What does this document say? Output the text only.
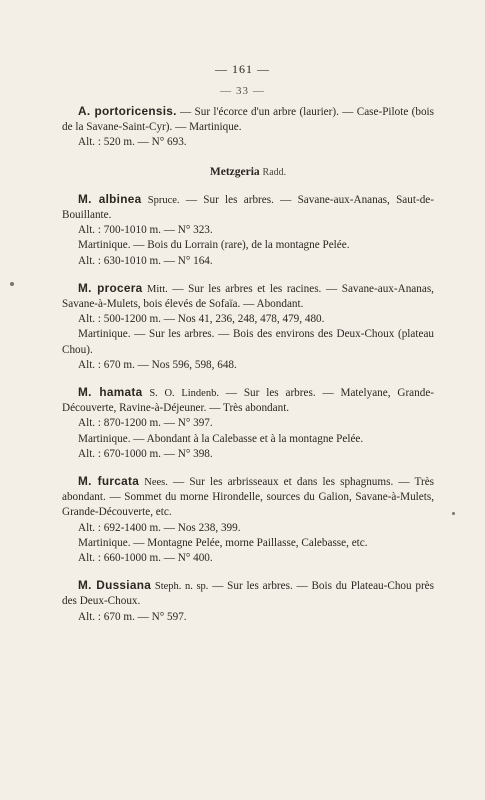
— 161 —
— 33 —

A. portoricensis. — Sur l'écorce d'un arbre (laurier). — Case-Pilote (bois de la Savane-Saint-Cyr). — Martinique.

Alt. : 520 m. — N° 693.

Metzgeria Radd.

M. albinea Spruce. — Sur les arbres. — Savane-aux-Ananas, Saut-de-Bouillante.

Alt. : 700-1010 m. — N° 323.

Martinique. — Bois du Lorrain (rare), de la montagne Pelée.

Alt. : 630-1010 m. — N° 164.

M. procera Mitt. — Sur les arbres et les racines. — Savane-aux-Ananas, Savane-à-Mulets, bois élevés de Sofaïa. — Abondant.

Alt. : 500-1200 m. — Nos 41, 236, 248, 478, 479, 480.

Martinique. — Sur les arbres. — Bois des environs des Deux-Choux (plateau Chou).

Alt. : 670 m. — Nos 596, 598, 648.

M. hamata S. O. Lindenb. — Sur les arbres. — Matelyane, Grande-Découverte, Ravine-à-Déjeuner. — Très abondant.

Alt. : 870-1200 m. — N° 397.

Martinique. — Abondant à la Calebasse et à la montagne Pelée.

Alt. : 670-1000 m. — N° 398.

M. furcata Nees. — Sur les arbrisseaux et dans les sphagnums. — Très abondant. — Sommet du morne Hirondelle, sources du Galion, Savane-à-Mulets, Grande-Découverte, etc.

Alt. : 692-1400 m. — Nos 238, 399.

Martinique. — Montagne Pelée, morne Paillasse, Calebasse, etc.

Alt. : 660-1000 m. — N° 400.

M. Dussiana Steph. n. sp. — Sur les arbres. — Bois du Plateau-Chou près des Deux-Choux.

Alt. : 670 m. — N° 597.
